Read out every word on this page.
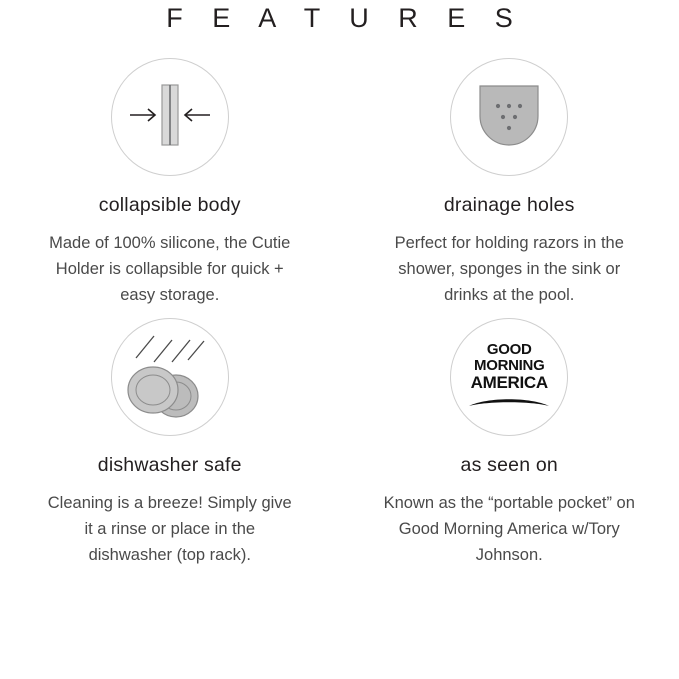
F E A T U R E S
collapsible body
Made of 100% silicone, the Cutie Holder is collapsible for quick + easy storage.
drainage holes
Perfect for holding razors in the shower, sponges in the sink or drinks at the pool.
dishwasher safe
Cleaning is a breeze! Simply give it a rinse or place in the dishwasher (top rack).
GOOD
MORNING
AMERICA
as seen on
Known as the “portable pocket” on Good Morning America w/Tory Johnson.
